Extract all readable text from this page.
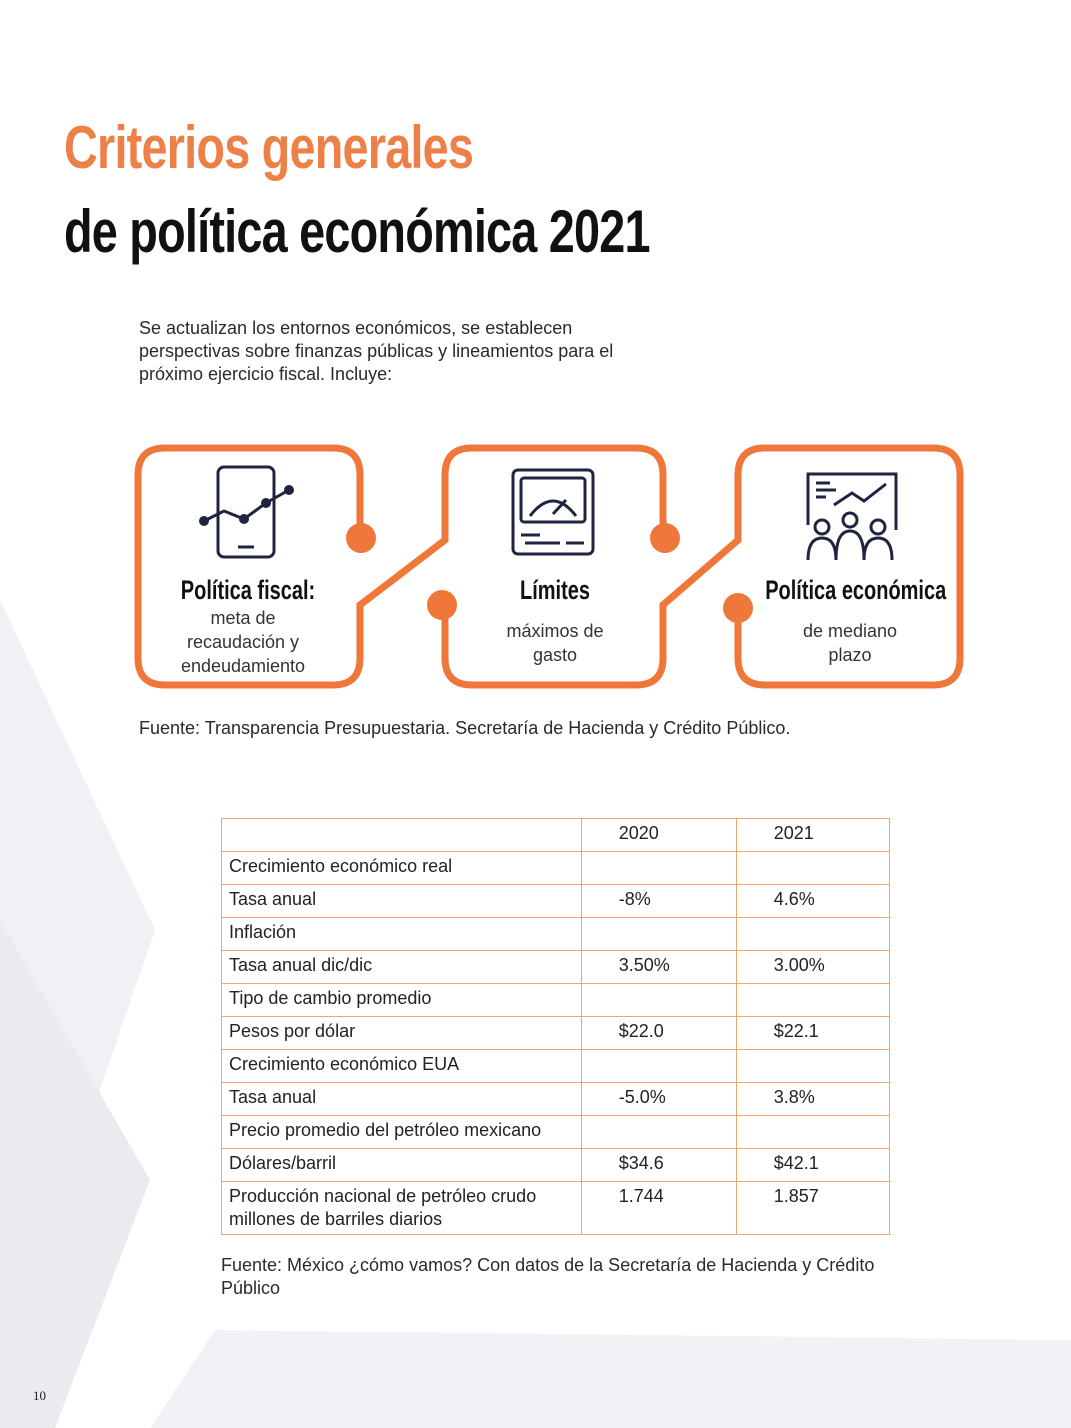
Criterios generales
de política económica 2021
Se actualizan los entornos económicos, se establecen perspectivas sobre finanzas públicas y lineamientos para el próximo ejercicio fiscal. Incluye:
Política fiscal:
meta de
recaudación y
endeudamiento
Límites
máximos de
gasto
Política económica
de mediano
plazo
Fuente: Transparencia Presupuestaria. Secretaría de Hacienda y Crédito Público.
	2020	2021
Crecimiento económico real		
Tasa anual	-8%	4.6%
Inflación		
Tasa anual dic/dic	3.50%	3.00%
Tipo de cambio promedio		
Pesos por dólar	$22.0	$22.1
Crecimiento económico EUA		
Tasa anual	-5.0%	3.8%
Precio promedio del petróleo mexicano		
Dólares/barril	$34.6	$42.1
Producción nacional de petróleo crudo millones de barriles diarios	1.744	1.857
Fuente: México ¿cómo vamos? Con datos de la Secretaría de Hacienda y Crédito Público
10
